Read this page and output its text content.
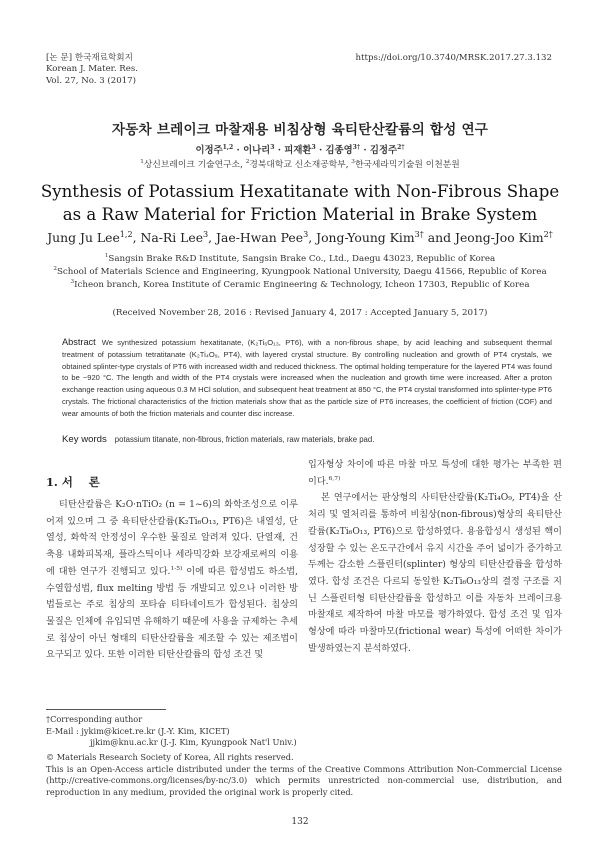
[논 문] 한국재료학회지
Korean J. Mater. Res.
Vol. 27, No. 3 (2017)
https://doi.org/10.3740/MRSK.2017.27.3.132
자동차 브레이크 마찰재용 비침상형 육티탄산칼륨의 합성 연구
이정주$^{1,2}$ · 이나리$^3$ · 피재환$^3$ · 김종영$^{3\dagger}$ · 김정주$^{2\dagger}$
$^1$상신브레이크 기술연구소, $^2$경북대학교 신소재공학부, $^3$한국세라믹기술원 이천분원
Synthesis of Potassium Hexatitanate with Non-Fibrous Shape as a Raw Material for Friction Material in Brake System
Jung Ju Lee$^{1,2}$, Na-Ri Lee$^3$, Jae-Hwan Pee$^3$, Jong-Young Kim$^{3\dagger}$ and Jeong-Joo Kim$^{2\dagger}$
$^1$Sangsin Brake R&D Institute, Sangsin Brake Co., Ltd., Daegu 43023, Republic of Korea
$^2$School of Materials Science and Engineering, Kyungpook National University, Daegu 41566, Republic of Korea
$^3$Icheon branch, Korea Institute of Ceramic Engineering & Technology, Icheon 17303, Republic of Korea
(Received November 28, 2016 : Revised January 4, 2017 : Accepted January 5, 2017)
Abstract We synthesized potassium hexatitanate, (K₂Ti₆O₁₃, PT6), with a non-fibrous shape, by acid leaching and subsequent thermal treatment of potassium tetratitanate (K₂Ti₄O₉, PT4), with layered crystal structure. By controlling nucleation and growth of PT4 crystals, we obtained splinter-type crystals of PT6 with increased width and reduced thickness. The optimal holding temperature for the layered PT4 was found to be ~920 °C. The length and width of the PT4 crystals were increased when the nucleation and growth time were increased. After a proton exchange reaction using aqueous 0.3 M HCl solution, and subsequent heat treatment at 850 °C, the PT4 crystal transformed into splinter-type PT6 crystals. The frictional characteristics of the friction materials show that as the particle size of PT6 increases, the coefficient of friction (COF) and wear amounts of both the friction materials and counter disc increase.
Key words potassium titanate, non-fibrous, friction materials, raw materials, brake pad.
1. 서    론

티탄산칼륨은 K₂O·nTiO₂ (n = 1~6)의 화학조성으로 이루어져 있으며 그 중 육티탄산칼륨(K₂Ti₆O₁₃, PT6)은 내열성, 단열성, 화학적 안정성이 우수한 물질로 알려져 있다. 단열재, 건축용 내화피복재, 플라스틱이나 세라믹강화 보강재로써의 이용에 대한 연구가 진행되고 있다.$^{1-5)}$ 이에 따른 합성법도 하소법, 수열합성법, flux melting 방법 등 개발되고 있으나 이러한 방법들로는 주로 침상의 포타슘 티타네이트가 합성된다. 침상의 물질은 인체에 유입되면 유해하기 때문에 사용을 규제하는 추세로 침상이 아닌 형태의 티탄산칼륨을 제조할 수 있는 제조법이 요구되고 있다. 또한 이러한 티탄산칼륨의 합성 조건 및

입자형상 차이에 따른 마찰 마모 특성에 대한 평가는 부족한 편이다.$^{6,7)}$

본 연구에서는 판상형의 사티탄산칼륨(K₂Ti₄O₉, PT4)을 산처리 및 열처리를 통하여 비침상(non-fibrous)형상의 육티탄산칼륨(K₂Ti₆O₁₃, PT6)으로 합성하였다. 용융합성시 생성된 핵이 성장할 수 있는 온도구간에서 유지 시간을 주어 넓이가 증가하고 두께는 감소한 스플린터(splinter) 형상의 티탄산칼륨을 합성하였다. 합성 조건은 다르되 동일한 K₂Ti₆O₁₃상의 결정 구조를 지닌 스플린터형 티탄산칼륨을 합성하고 이를 자동차 브레이크용 마찰재로 제작하여 마찰 마모를 평가하였다. 합성 조건 및 입자형상에 따라 마찰마모(frictional wear) 특성에 어떠한 차이가 발생하였는지 분석하였다.

†Corresponding author
E-Mail : jykim@kicet.re.kr (J.-Y. Kim, KICET)
jjkim@knu.ac.kr (J.-J. Kim, Kyungpook Nat'l Univ.)
© Materials Research Society of Korea, All rights reserved.
This is an Open-Access article distributed under the terms of the Creative Commons Attribution Non-Commercial License (http://creative-commons.org/licenses/by-nc/3.0) which permits unrestricted non-commercial use, distribution, and reproduction in any medium, provided the original work is properly cited.
132
